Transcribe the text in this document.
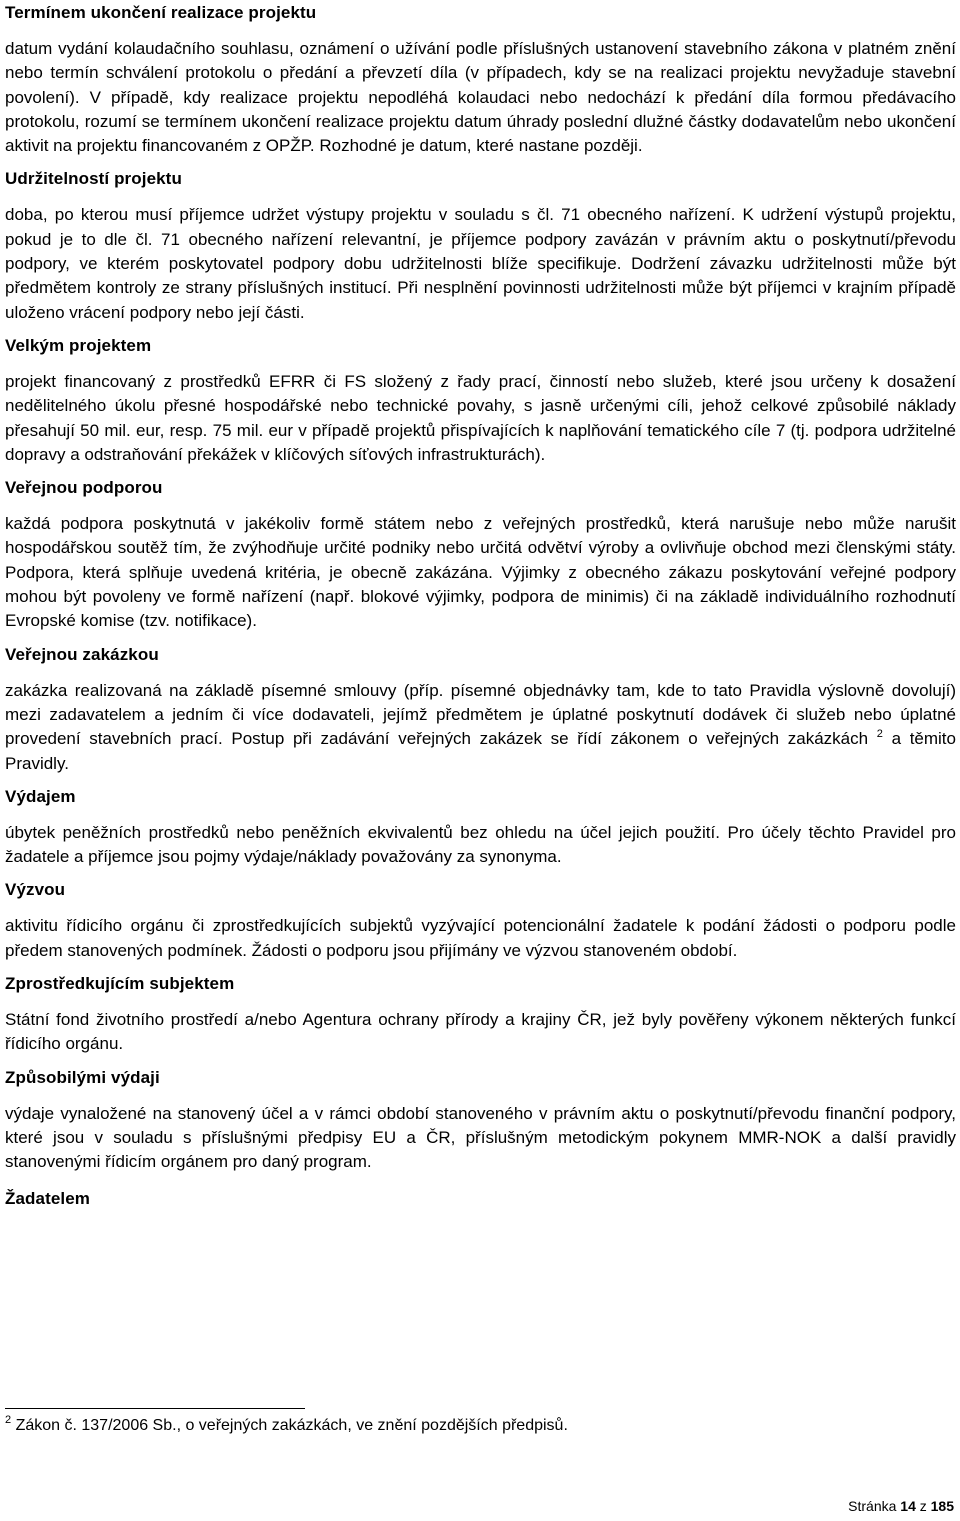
Termínem ukončení realizace projektu
datum vydání kolaudačního souhlasu, oznámení o užívání podle příslušných ustanovení stavebního zákona v platném znění nebo termín schválení protokolu o předání a převzetí díla (v případech, kdy se na realizaci projektu nevyžaduje stavební povolení). V případě, kdy realizace projektu nepodléhá kolaudaci nebo nedochází k předání díla formou předávacího protokolu, rozumí se termínem ukončení realizace projektu datum úhrady poslední dlužné částky dodavatelům nebo ukončení aktivit na projektu financovaném z OPŽP. Rozhodné je datum, které nastane později.
Udržitelností projektu
doba, po kterou musí příjemce udržet výstupy projektu v souladu s čl. 71 obecného nařízení. K udržení výstupů projektu, pokud je to dle čl. 71 obecného nařízení relevantní, je příjemce podpory zavázán v právním aktu o poskytnutí/převodu podpory, ve kterém poskytovatel podpory dobu udržitelnosti blíže specifikuje. Dodržení závazku udržitelnosti může být předmětem kontroly ze strany příslušných institucí. Při nesplnění povinnosti udržitelnosti může být příjemci v krajním případě uloženo vrácení podpory nebo její části.
Velkým projektem
projekt financovaný z prostředků EFRR či FS složený z řady prací, činností nebo služeb, které jsou určeny k dosažení nedělitelného úkolu přesné hospodářské nebo technické povahy, s jasně určenými cíli, jehož celkové způsobilé náklady přesahují 50 mil. eur, resp. 75 mil. eur v případě projektů přispívajících k naplňování tematického cíle 7 (tj. podpora udržitelné dopravy a odstraňování překážek v klíčových síťových infrastrukturách).
Veřejnou podporou
každá podpora poskytnutá v jakékoliv formě státem nebo z veřejných prostředků, která narušuje nebo může narušit hospodářskou soutěž tím, že zvýhodňuje určité podniky nebo určitá odvětví výroby a ovlivňuje obchod mezi členskými státy. Podpora, která splňuje uvedená kritéria, je obecně zakázána. Výjimky z obecného zákazu poskytování veřejné podpory mohou být povoleny ve formě nařízení (např. blokové výjimky, podpora de minimis) či na základě individuálního rozhodnutí Evropské komise (tzv. notifikace).
Veřejnou zakázkou
zakázka realizovaná na základě písemné smlouvy (příp. písemné objednávky tam, kde to tato Pravidla výslovně dovolují) mezi zadavatelem a jedním či více dodavateli, jejímž předmětem je úplatné poskytnutí dodávek či služeb nebo úplatné provedení stavebních prací. Postup při zadávání veřejných zakázek se řídí zákonem o veřejných zakázkách $^2$ a těmito Pravidly.
Výdajem
úbytek peněžních prostředků nebo peněžních ekvivalentů bez ohledu na účel jejich použití. Pro účely těchto Pravidel pro žadatele a příjemce jsou pojmy výdaje/náklady považovány za synonyma.
Výzvou
aktivitu řídicího orgánu či zprostředkujících subjektů vyzývající potencionální žadatele k podání žádosti o podporu podle předem stanovených podmínek. Žádosti o podporu jsou přijímány ve výzvou stanoveném období.
Zprostředkujícím subjektem
Státní fond životního prostředí a/nebo Agentura ochrany přírody a krajiny ČR, jež byly pověřeny výkonem některých funkcí řídicího orgánu.
Způsobilými výdaji
výdaje vynaložené na stanovený účel a v rámci období stanoveného v právním aktu o poskytnutí/převodu finanční podpory, které jsou v souladu s příslušnými předpisy EU a ČR, příslušným metodickým pokynem MMR-NOK a další pravidly stanovenými řídicím orgánem pro daný program.
Žadatelem
$^2$ Zákon č. 137/2006 Sb., o veřejných zakázkách, ve znění pozdějších předpisů.
Stránka 14 z 185
